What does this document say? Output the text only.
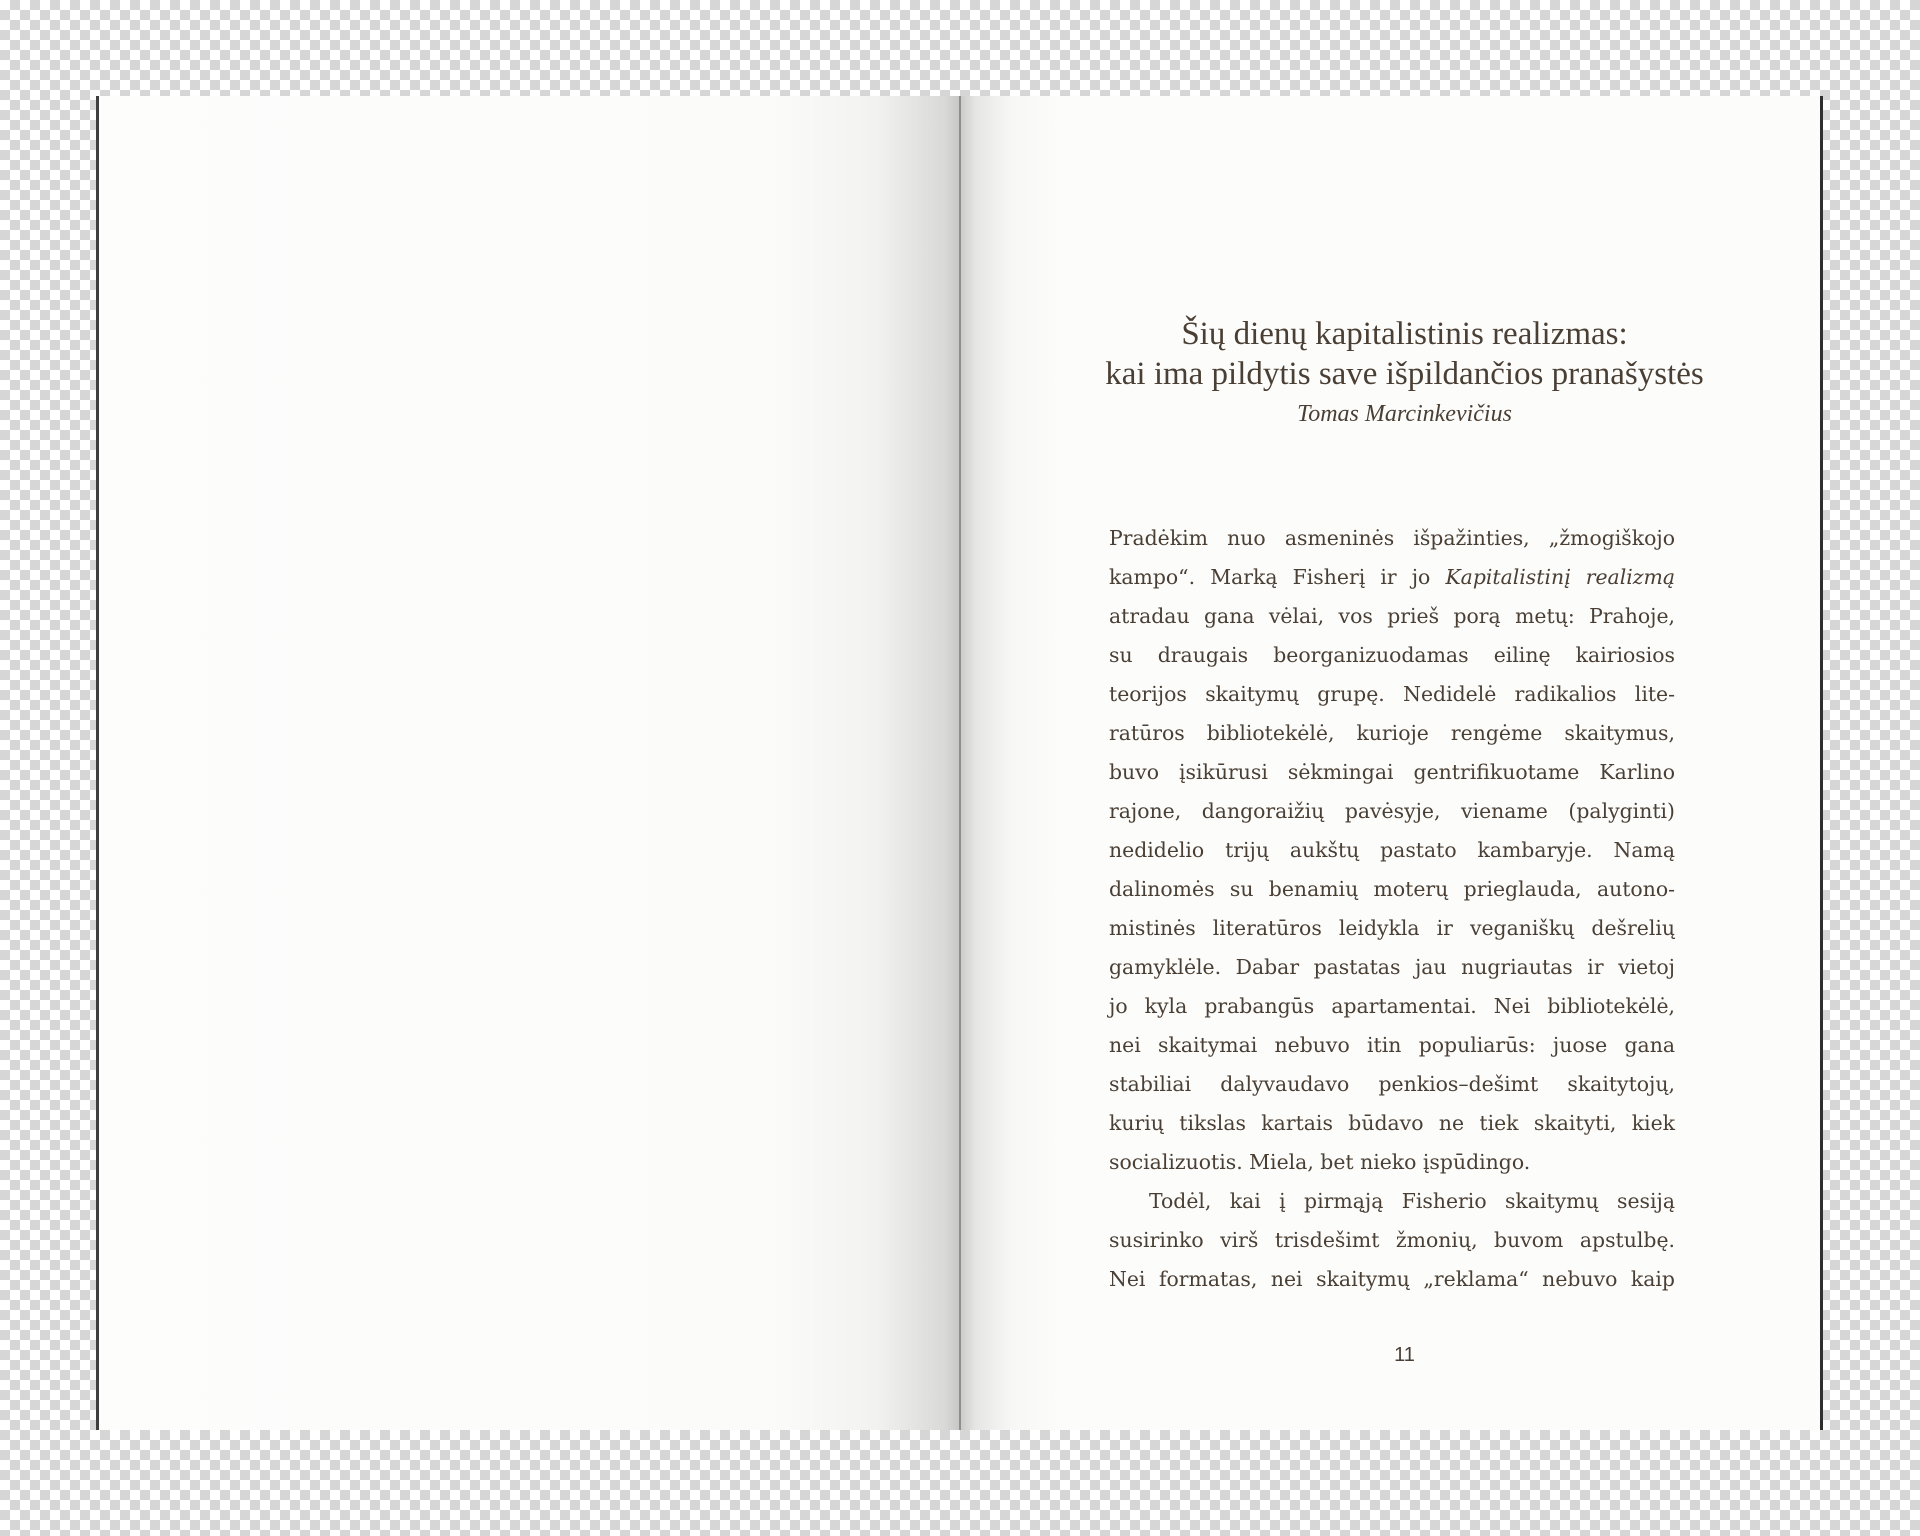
Šių dienų kapitalistinis realizmas:
kai ima pildytis save išpildančios pranašystės
Tomas Marcinkevičius
Pradėkim nuo asmeninės išpažinties, „žmogiškojo
kampo“. Marką Fisherį ir jo Kapitalistinį realizmą
atradau gana vėlai, vos prieš porą metų: Prahoje,
su draugais beorganizuodamas eilinę kairiosios
teorijos skaitymų grupę. Nedidelė radikalios lite-
ratūros bibliotekėlė, kurioje rengėme skaitymus,
buvo įsikūrusi sėkmingai gentrifikuotame Karlino
rajone, dangoraižių pavėsyje, viename (palyginti)
nedidelio trijų aukštų pastato kambaryje. Namą
dalinomės su benamių moterų prieglauda, autono-
mistinės literatūros leidykla ir veganiškų dešrelių
gamyklėle. Dabar pastatas jau nugriautas ir vietoj
jo kyla prabangūs apartamentai. Nei bibliotekėlė,
nei skaitymai nebuvo itin populiarūs: juose gana
stabiliai dalyvaudavo penkios–dešimt skaitytojų,
kurių tikslas kartais būdavo ne tiek skaityti, kiek
socializuotis. Miela, bet nieko įspūdingo.
Todėl, kai į pirmąją Fisherio skaitymų sesiją
susirinko virš trisdešimt žmonių, buvom apstulbę.
Nei formatas, nei skaitymų „reklama“ nebuvo kaip
11
